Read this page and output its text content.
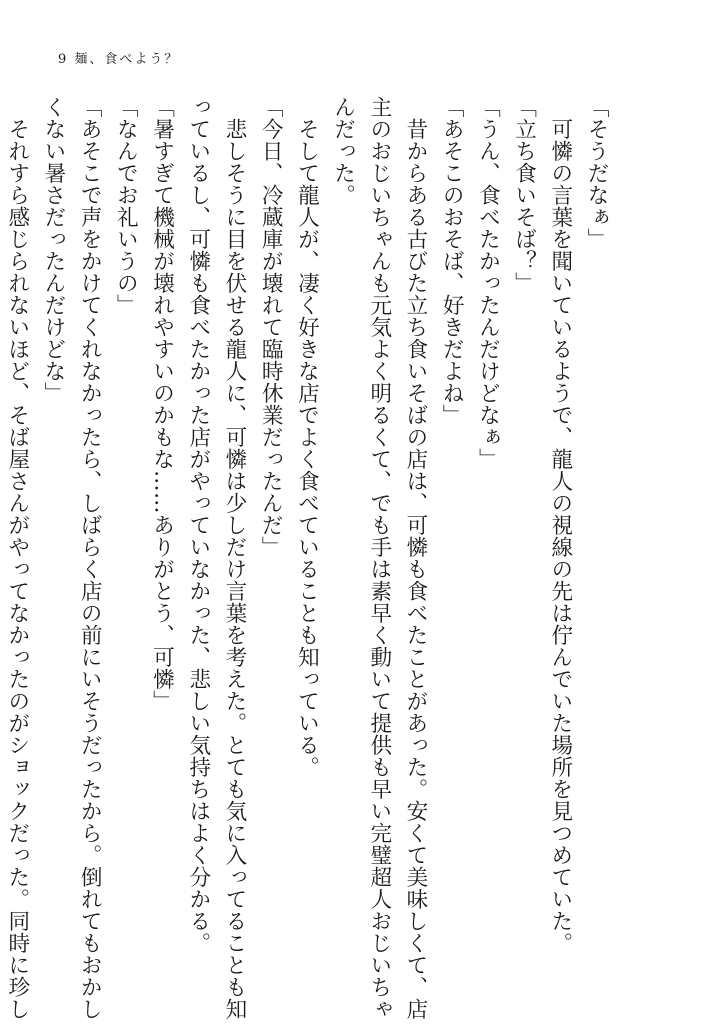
9 麺、食べよう？
「そうだなぁ」
　可憐の言葉を聞いているようで、龍人の視線の先は佇んでいた場所を見つめていた。
「立ち食いそば？」
「うん、食べたかったんだけどなぁ」
「あそこのおそば、好きだよね」
　昔からある古びた立ち食いそばの店は、可憐も食べたことがあった。安くて美味しくて、店
主のおじいちゃんも元気よく明るくて、でも手は素早く動いて提供も早い完璧超人おじいちゃ
んだった。
　そして龍人が、凄く好きな店でよく食べていることも知っている。
「今日、冷蔵庫が壊れて臨時休業だったんだ」
　悲しそうに目を伏せる龍人に、可憐は少しだけ言葉を考えた。とても気に入ってることも知
っているし、可憐も食べたかった店がやっていなかった、悲しい気持ちはよく分かる。
「暑すぎて機械が壊れやすいのかもな……ありがとう、可憐」
「なんでお礼いうの」
「あそこで声をかけてくれなかったら、しばらく店の前にいそうだったから。倒れてもおかし
くない暑さだったんだけどな」
　それすら感じられないほど、そば屋さんがやってなかったのがショックだった。同時に珍し
